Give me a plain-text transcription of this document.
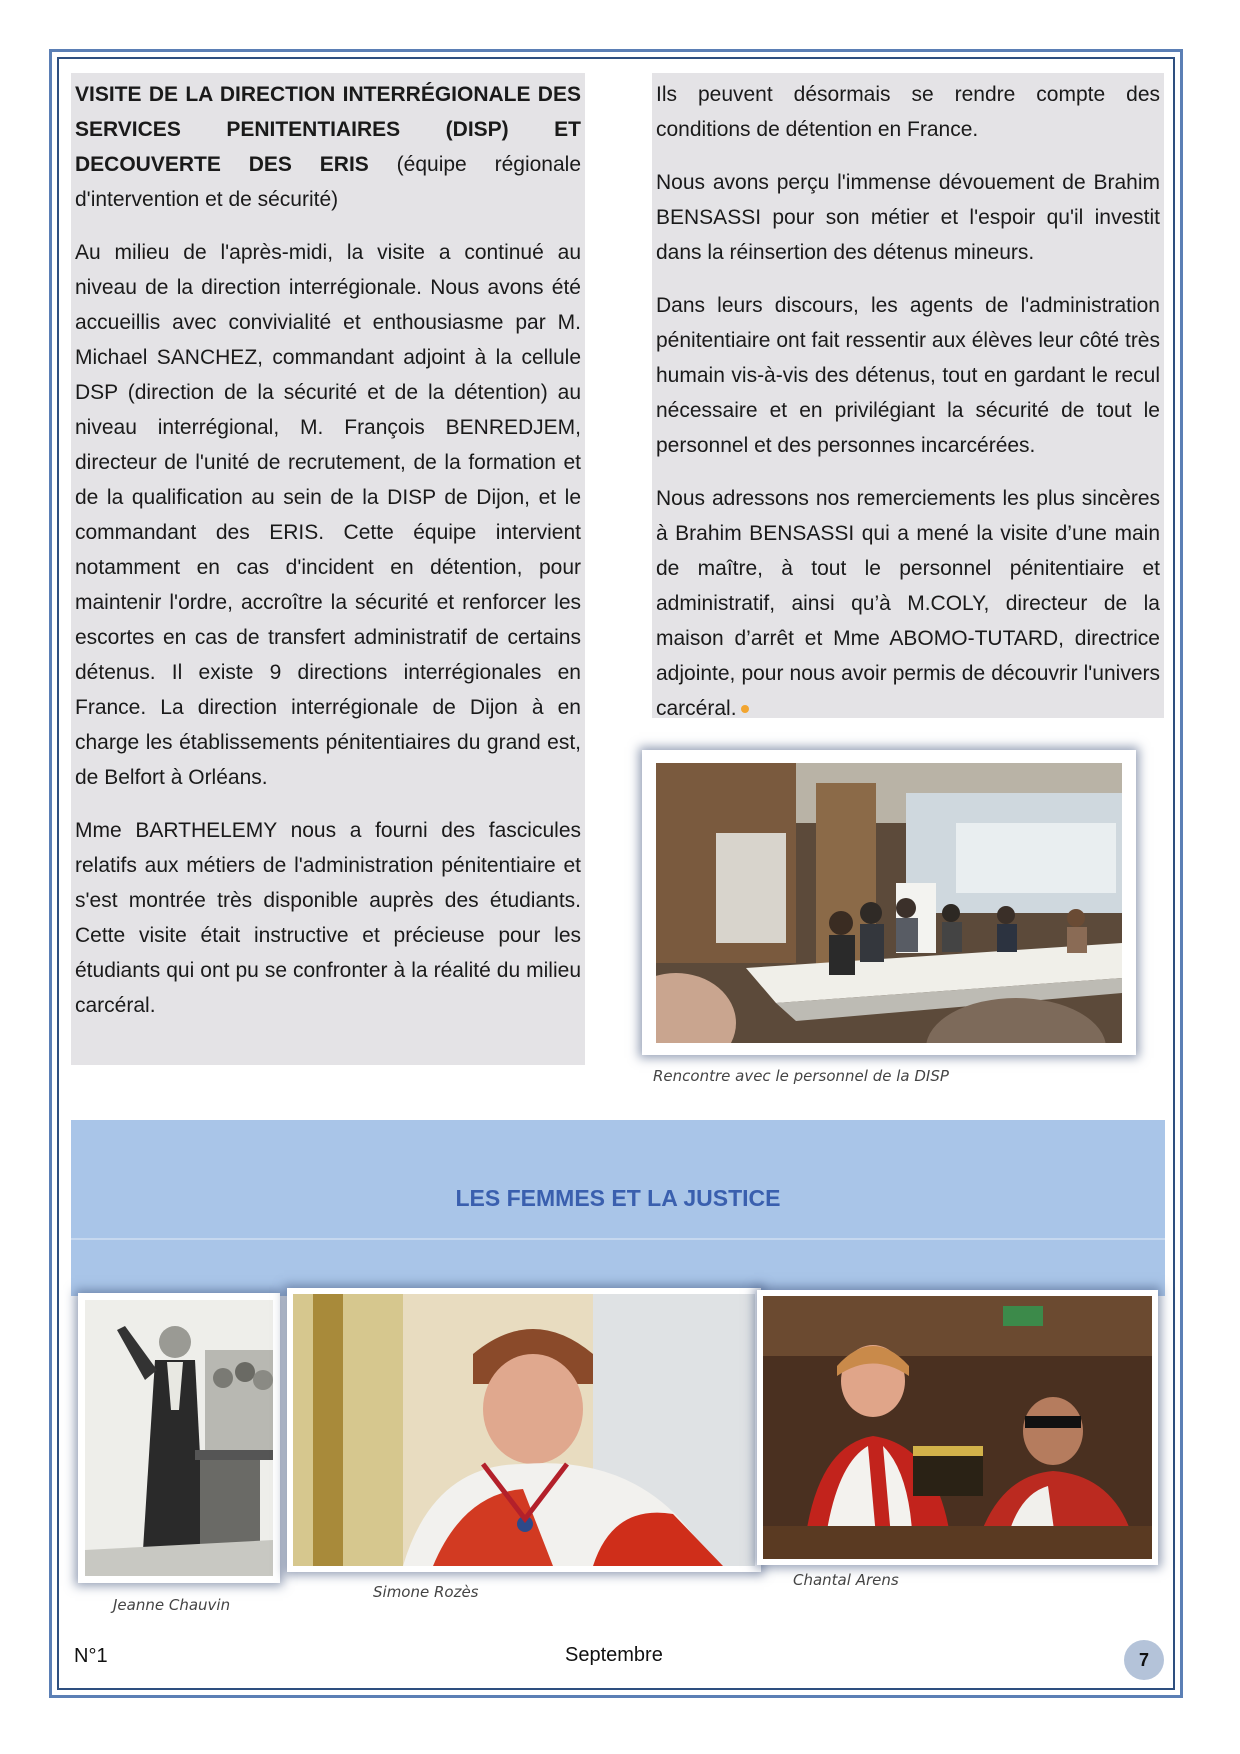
VISITE DE LA DIRECTION INTERRÉGIONALE DES SERVICES PENITENTIAIRES (DISP) ET DECOUVERTE DES ERIS (équipe régionale d'intervention et de sécurité)

Au milieu de l'après-midi, la visite a continué au niveau de la direction interrégionale. Nous avons été accueillis avec convivialité et enthousiasme par M. Michael SANCHEZ, commandant adjoint à la cellule DSP (direction de la sécurité et de la détention) au niveau interrégional, M. François BENREDJEM, directeur de l'unité de recrutement, de la formation et de la qualification au sein de la DISP de Dijon, et le commandant des ERIS. Cette équipe intervient notamment en cas d'incident en détention, pour maintenir l'ordre, accroître la sécurité et renforcer les escortes en cas de transfert administratif de certains détenus. Il existe 9 directions interrégionales en France. La direction interrégionale de Dijon à en charge les établissements pénitentiaires du grand est, de Belfort à Orléans.

Mme BARTHELEMY nous a fourni des fascicules relatifs aux métiers de l'administration pénitentiaire et s'est montrée très disponible auprès des étudiants. Cette visite était instructive et précieuse pour les étudiants qui ont pu se confronter à la réalité du milieu carcéral.

Ils peuvent désormais se rendre compte des conditions de détention en France.

Nous avons perçu l'immense dévouement de Brahim BENSASSI pour son métier et l'espoir qu'il investit dans la réinsertion des détenus mineurs.

Dans leurs discours, les agents de l'administration pénitentiaire ont fait ressentir aux élèves leur côté très humain vis-à-vis des détenus, tout en gardant le recul nécessaire et en privilégiant la sécurité de tout le personnel et des personnes incarcérées.

Nous adressons nos remerciements les plus sincères à Brahim BENSASSI qui a mené la visite d’une main de maître, à tout le personnel pénitentiaire et administratif, ainsi qu’à M.COLY, directeur de la maison d’arrêt et Mme ABOMO-TUTARD, directrice adjointe, pour nous avoir permis de découvrir l'univers carcéral.

Rencontre avec le personnel de la DISP
LES FEMMES ET LA JUSTICE
Jeanne Chauvin
Simone Rozès
Chantal Arens
N°1	Septembre	7
